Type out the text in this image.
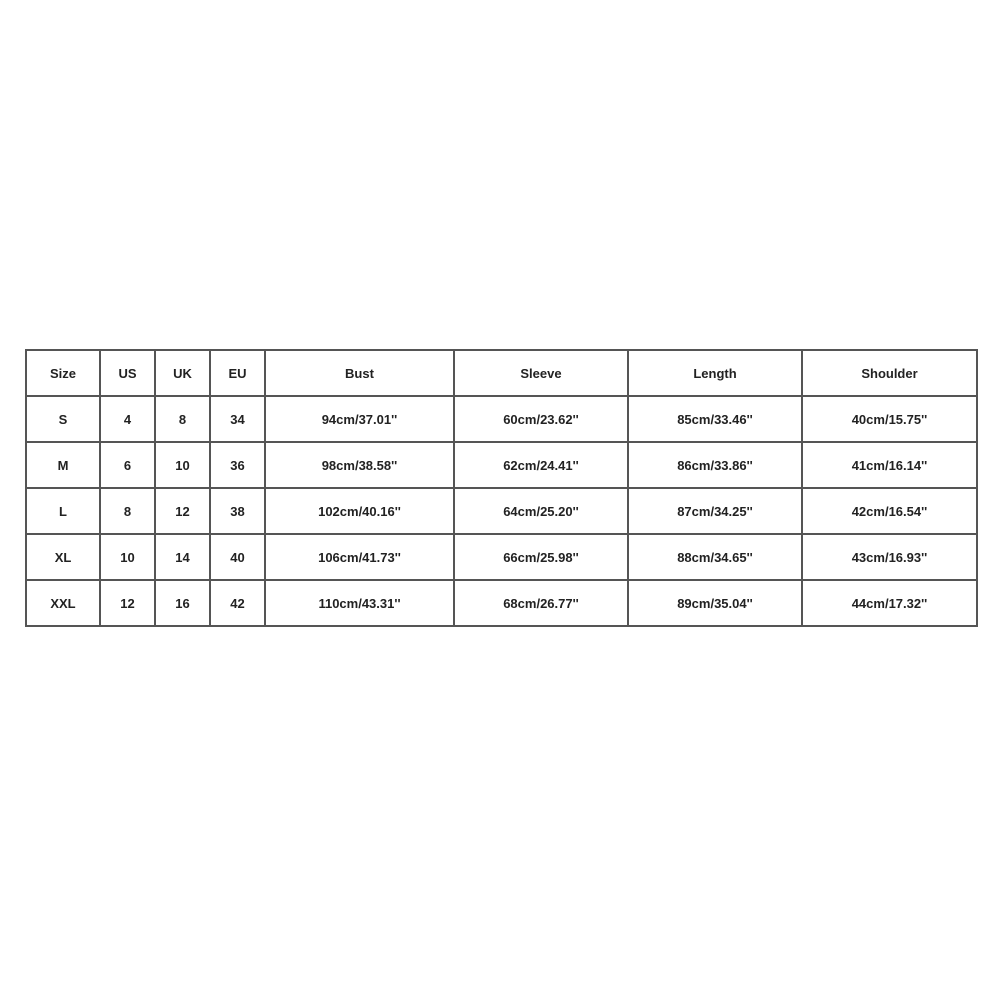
Size	US	UK	EU	Bust	Sleeve	Length	Shoulder
S	4	8	34	94cm/37.01''	60cm/23.62''	85cm/33.46''	40cm/15.75''
M	6	10	36	98cm/38.58''	62cm/24.41''	86cm/33.86''	41cm/16.14''
L	8	12	38	102cm/40.16''	64cm/25.20''	87cm/34.25''	42cm/16.54''
XL	10	14	40	106cm/41.73''	66cm/25.98''	88cm/34.65''	43cm/16.93''
XXL	12	16	42	110cm/43.31''	68cm/26.77''	89cm/35.04''	44cm/17.32''
